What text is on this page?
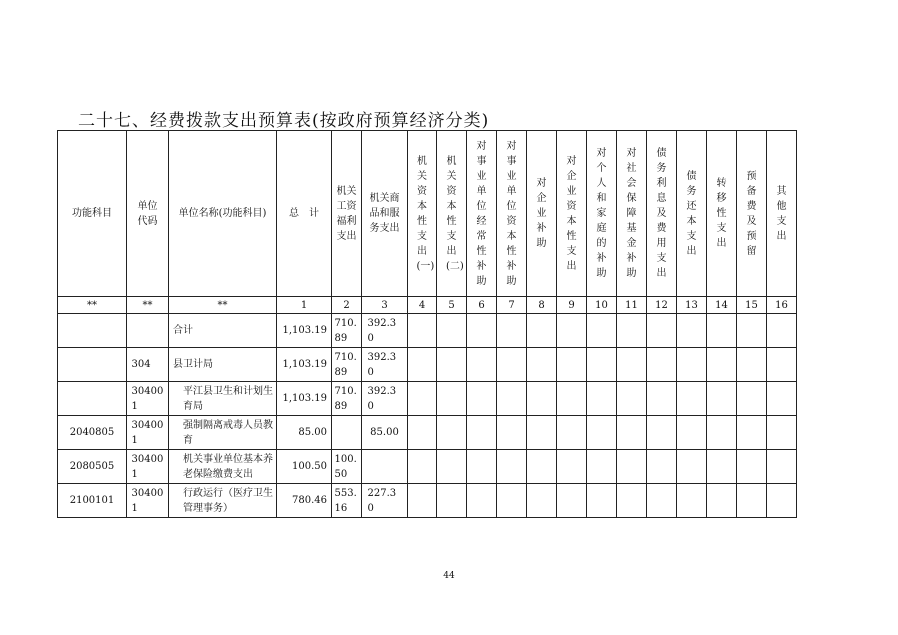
二十七、经费拨款支出预算表(按政府预算经济分类)
功能科目	单位代码	单位名称(功能科目)	总　计	机关工资福利支出	机关商品和服务支出	机关资本性支出(一)	机关资本性支出(二)	对事业单位经常性补助	对事业单位资本性补助	对企业补助	对企业资本性支出	对个人和家庭的补助	对社会保障基金补助	债务利息及费用支出	债务还本支出	转移性支出	预备费及预留	其他支出
**	**	**	1	2	3	4	5	6	7	8	9	10	11	12	13	14	15	16
		合计	1,103.19	710.89	392.30													
	304	县卫计局	1,103.19	710.89	392.30													
	304001	平江县卫生和计划生育局	1,103.19	710.89	392.30													
2040805	304001	强制隔离戒毒人员教育	85.00		85.00													
2080505	304001	机关事业单位基本养老保险缴费支出	100.50	100.50														
2100101	304001	行政运行（医疗卫生管理事务）	780.46	553.16	227.30													
44
